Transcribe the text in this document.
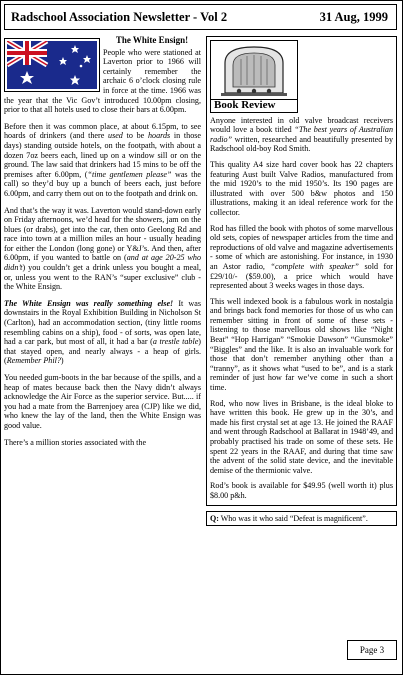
Radschool Association Newsletter - Vol 2	31 Aug, 1999

The White Ensign!
People who were stationed at Laverton prior to 1966 will certainly remember the archaic 6 o’clock closing rule in force at the time. 1966 was the year that the Vic Gov’t introduced 10.00pm closing, prior to that all hotels used to close their bars at 6.00pm.

Before then it was common place, at about 6.15pm, to see hoards of drinkers (and there used to be hoards in those days) standing outside hotels, on the footpath, with about a dozen 7oz beers each, lined up on a window sill or on the ground. The law said that drinkers had 15 mins to be off the premises after 6.00pm, (“time gentlemen please” was the call) so they’d buy up a bunch of beers each, just before 6.00pm, and carry them out on to the footpath and drink on.

And that’s the way it was. Laverton would stand-down early on Friday afternoons, we’d head for the showers, jam on the blues (or drabs), get into the car, then onto Geelong Rd and race into town at a million miles an hour - usually heading for either the London (long gone) or Y&J’s. And then, after 6.00pm, if you wanted to battle on (and at age 20-25 who didn’t) you couldn’t get a drink unless you bought a meal, or, unless you went to the RAN’s “super exclusive” club - the White Ensign.

The White Ensign was really something else! It was downstairs in the Royal Exhibition Building in Nicholson St (Carlton), had an accommodation section, (tiny little rooms resembling cabins on a ship), food - of sorts, was open late, had a car park, but most of all, it had a bar (a trestle table) that stayed open, and nearly always - a heap of girls. (Remember Phil?)

You needed gum-boots in the bar because of the spills, and a heap of mates because back then the Navy didn’t always acknowledge the Air Force as the superior service. But..... if you had a mate from the Barrenjoey area (CJP) like we did, who knew the lay of the land, then the White Ensign was good value.

There’s a million stories associated with the

Book Review

Anyone interested in old valve broadcast receivers would love a book titled “The best years of Australian radio” written, researched and beautifully presented by Radschool old-boy Rod Smith.

This quality A4 size hard cover book has 22 chapters featuring Aust built Valve Radios, manufactured from the mid 1920’s to the mid 1950’s. Its 190 pages are illustrated with over 500 b&w photos and 150 illustrations, making it an ideal reference work for the collector.

Rod has filled the book with photos of some marvellous old sets, copies of newspaper articles from the time and reproductions of old valve and magazine advertisements - some of which are astonishing. For instance, in 1930 an Astor radio, “complete with speaker” sold for £29/10/- ($59.00), a price which would have represented about 3 weeks wages in those days.

This well indexed book is a fabulous work in nostalgia and brings back fond memories for those of us who can remember sitting in front of some of these sets - listening to those marvellous old shows like “Night Beat” “Hop Harrigan” “Smokie Dawson” “Gunsmoke” “Biggles” and the like. It is also an invaluable work for those that don’t remember anything other than a “tranny”, as it shows what “used to be”, and is a stark reminder of just how far we’ve come in such a short time.

Rod, who now lives in Brisbane, is the ideal bloke to have written this book. He grew up in the 30’s, and made his first crystal set at age 13. He joined the RAAF and went through Radschool at Ballarat in 1948’49, and probably practised his trade on some of these sets. He spent 22 years in the RAAF, and during that time saw the advent of the solid state device, and the inevitable demise of the thermionic valve.

Rod’s book is available for $49.95 (well worth it) plus $8.00 p&h.

Q: Who was it who said “Defeat is magnificent”.
Page 3
